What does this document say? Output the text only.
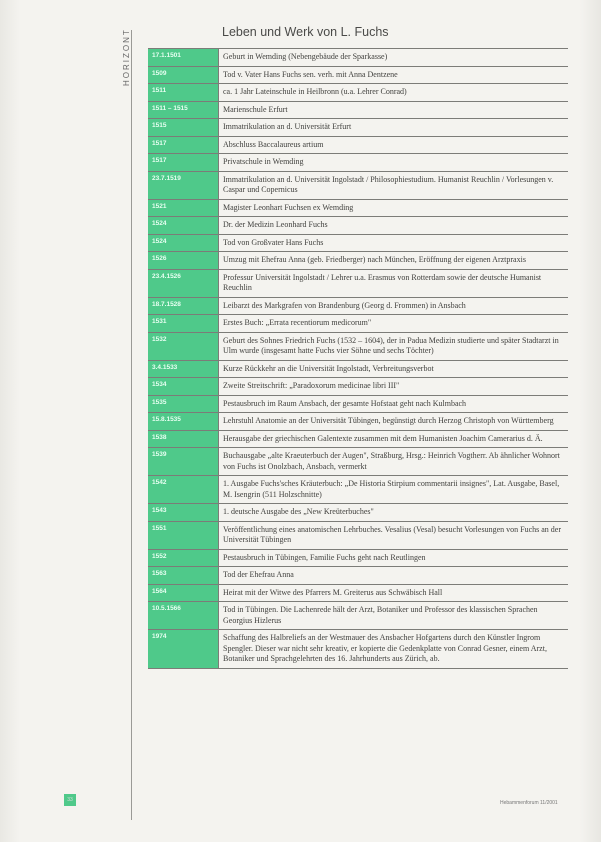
HORIZONT	Leben und Werk von L. Fuchs
17.1.1501	Geburt in Wemding (Nebengebäude der Sparkasse)
1509	Tod v. Vater Hans Fuchs sen. verh. mit Anna Dentzene
1511	ca. 1 Jahr Lateinschule in Heilbronn (u.a. Lehrer Conrad)
1511 – 1515	Marienschule Erfurt
1515	Immatrikulation an d. Universität Erfurt
1517	Abschluss Baccalaureus artium
1517	Privatschule in Wemding
23.7.1519	Immatrikulation an d. Universität Ingolstadt / Philosophiestudium. Humanist Reuchlin / Vorlesungen v. Caspar und Copernicus
1521	Magister Leonhart Fuchsen ex Wemding
1524	Dr. der Medizin Leonhard Fuchs
1524	Tod von Großvater Hans Fuchs
1526	Umzug mit Ehefrau Anna (geb. Friedberger) nach München, Eröffnung der eigenen Arztpraxis
23.4.1526	Professur Universität Ingolstadt / Lehrer u.a. Erasmus von Rotterdam sowie der deutsche Humanist Reuchlin
18.7.1528	Leibarzt des Markgrafen von Brandenburg (Georg d. Frommen) in Ansbach
1531	Erstes Buch: „Errata recentiorum medicorum"
1532	Geburt des Sohnes Friedrich Fuchs (1532 – 1604), der in Padua Medizin studierte und später Stadtarzt in Ulm wurde (insgesamt hatte Fuchs vier Söhne und sechs Töchter)
3.4.1533	Kurze Rückkehr an die Universität Ingolstadt, Verbreitungsverbot
1534	Zweite Streitschrift: „Paradoxorum medicinae libri III"
1535	Pestausbruch im Raum Ansbach, der gesamte Hofstaat geht nach Kulmbach
15.8.1535	Lehrstuhl Anatomie an der Universität Tübingen, begünstigt durch Herzog Christoph von Württemberg
1538	Herausgabe der griechischen Galentexte zusammen mit dem Humanisten Joachim Camerarius d. Ä.
1539	Buchausgabe „alte Kraeuterbuch der Augen", Straßburg, Hrsg.: Heinrich Vogtherr. Ab ähnlicher Wohnort von Fuchs ist Onolzbach, Ansbach, vermerkt
1542	1. Ausgabe Fuchs'sches Kräuterbuch: „De Historia Stirpium commentarii insignes", Lat. Ausgabe, Basel, M. Isengrin (511 Holzschnitte)
1543	1. deutsche Ausgabe des „New Kreüterbuches"
1551	Veröffentlichung eines anatomischen Lehrbuches. Vesalius (Vesal) besucht Vorlesungen von Fuchs an der Universität Tübingen
1552	Pestausbruch in Tübingen, Familie Fuchs geht nach Reutlingen
1563	Tod der Ehefrau Anna
1564	Heirat mit der Witwe des Pfarrers M. Greiterus aus Schwäbisch Hall
10.5.1566	Tod in Tübingen. Die Lachenrede hält der Arzt, Botaniker und Professor des klassischen Sprachen Georgius Hizlerus
1974	Schaffung des Halbreliefs an der Westmauer des Ansbacher Hofgartens durch den Künstler Ingrom Spengler. Dieser war nicht sehr kreativ, er kopierte die Gedenkplatte von Conrad Gesner, einem Arzt, Botaniker und Sprachgelehrten des 16. Jahrhunderts aus Zürich, ab.
33	Hebammenforum 11/2001
